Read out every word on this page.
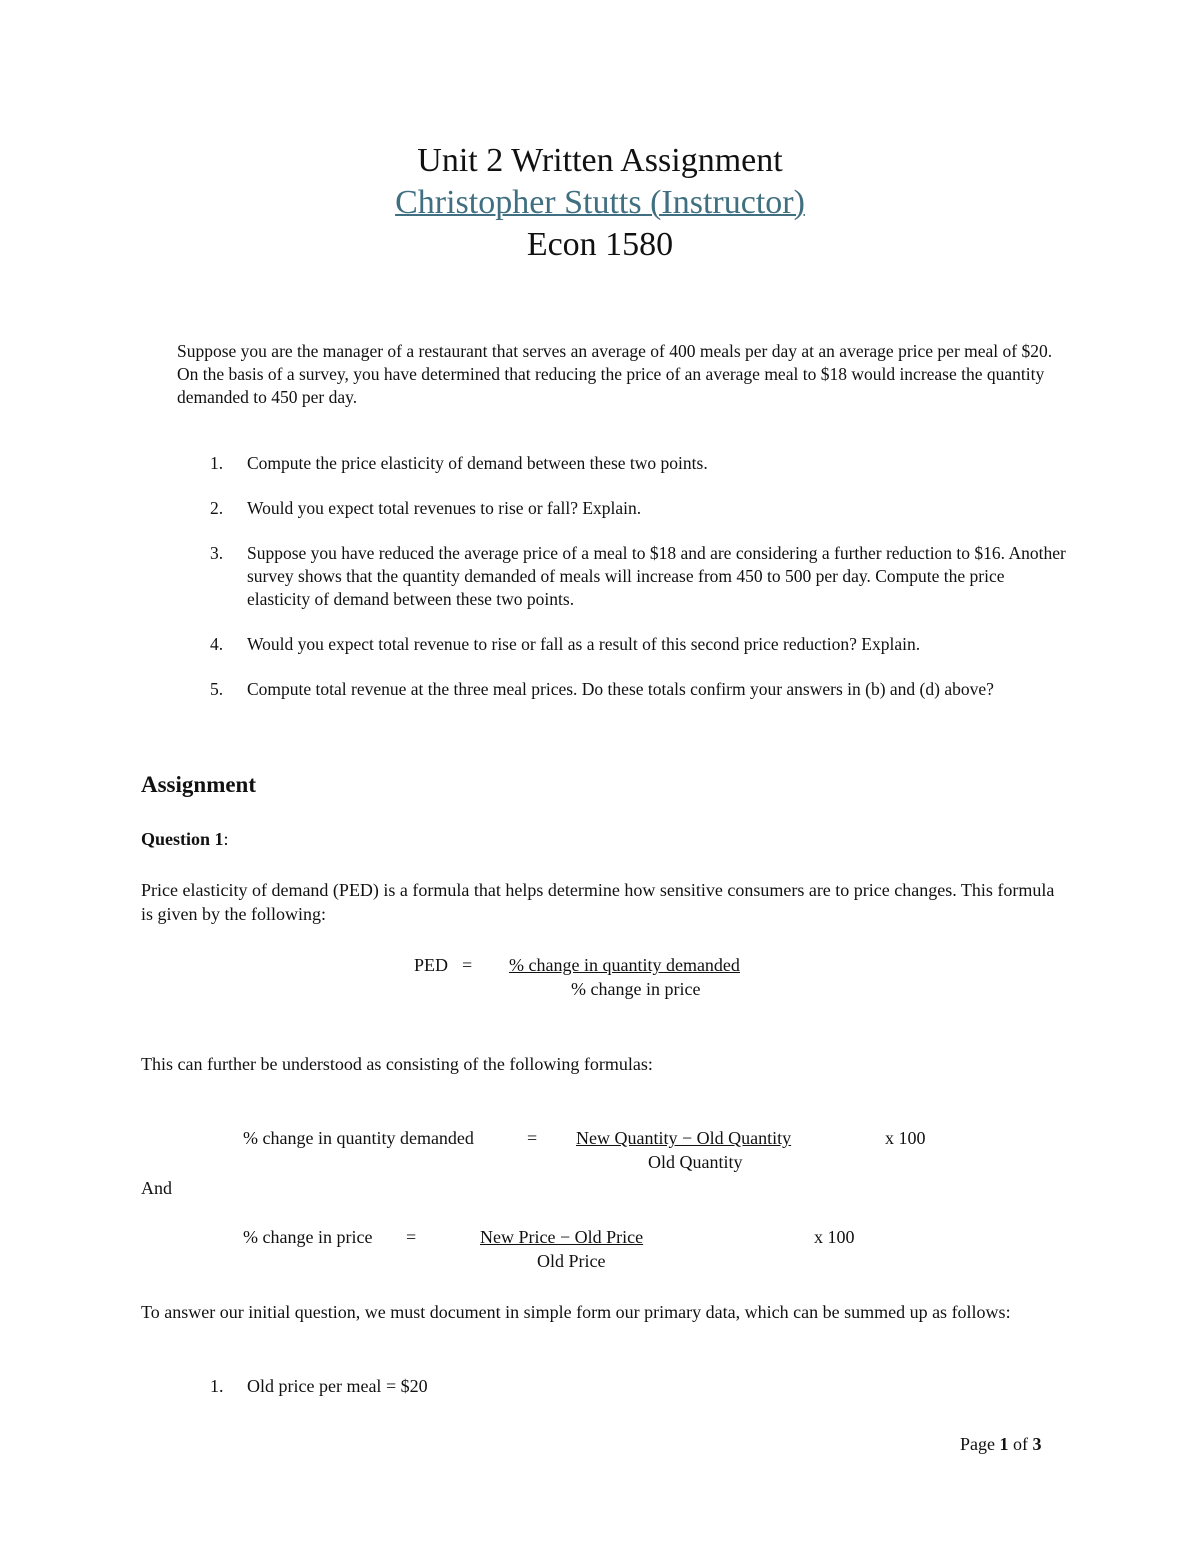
Unit 2 Written Assignment
Christopher Stutts (Instructor)
Econ 1580
Suppose you are the manager of a restaurant that serves an average of 400 meals per day at an average price per meal of $20. On the basis of a survey, you have determined that reducing the price of an average meal to $18 would increase the quantity demanded to 450 per day.
1. Compute the price elasticity of demand between these two points.
2. Would you expect total revenues to rise or fall? Explain.
3. Suppose you have reduced the average price of a meal to $18 and are considering a further reduction to $16. Another survey shows that the quantity demanded of meals will increase from 450 to 500 per day. Compute the price elasticity of demand between these two points.
4. Would you expect total revenue to rise or fall as a result of this second price reduction? Explain.
5. Compute total revenue at the three meal prices. Do these totals confirm your answers in (b) and (d) above?
Assignment
Question 1:
Price elasticity of demand (PED) is a formula that helps determine how sensitive consumers are to price changes. This formula is given by the following:
PED = % change in quantity demanded
% change in price
This can further be understood as consisting of the following formulas:
% change in quantity demanded	= New Quantity − Old Quantity
Old Quantity
x 100
And
% change in price =	New Price − Old Price
Old Price
x 100
To answer our initial question, we must document in simple form our primary data, which can be summed up as follows:
1. Old price per meal = $20
Page 1 of 3
